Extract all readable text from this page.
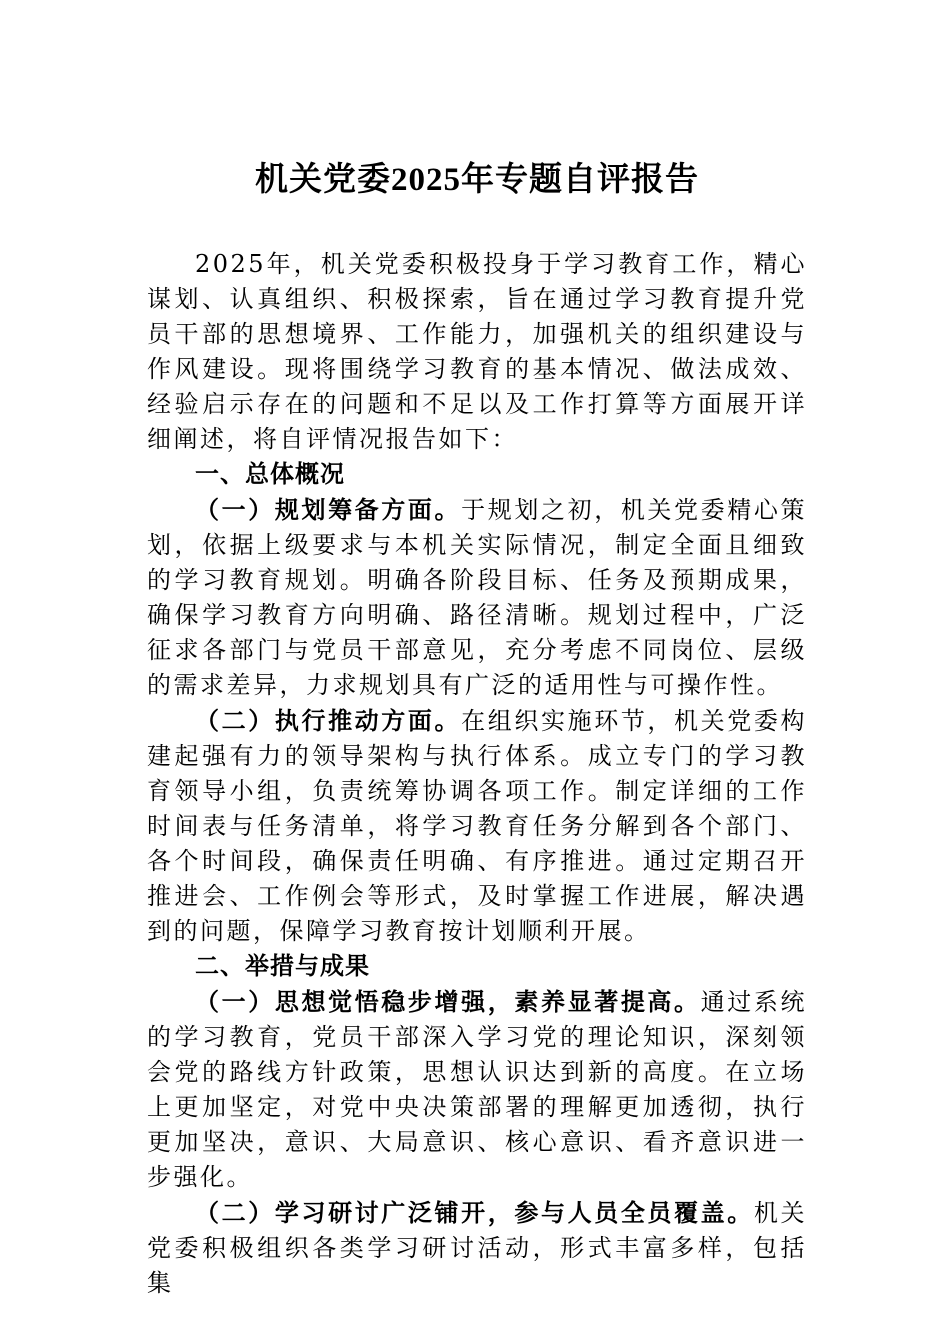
机关党委2025年专题自评报告

2025年，机关党委积极投身于学习教育工作，精心谋划、认真组织、积极探索，旨在通过学习教育提升党员干部的思想境界、工作能力，加强机关的组织建设与作风建设。现将围绕学习教育的基本情况、做法成效、经验启示存在的问题和不足以及工作打算等方面展开详细阐述，将自评情况报告如下：

一、总体概况

（一）规划筹备方面。于规划之初，机关党委精心策划，依据上级要求与本机关实际情况，制定全面且细致的学习教育规划。明确各阶段目标、任务及预期成果，确保学习教育方向明确、路径清晰。规划过程中，广泛征求各部门与党员干部意见，充分考虑不同岗位、层级的需求差异，力求规划具有广泛的适用性与可操作性。

（二）执行推动方面。在组织实施环节，机关党委构建起强有力的领导架构与执行体系。成立专门的学习教育领导小组，负责统筹协调各项工作。制定详细的工作时间表与任务清单，将学习教育任务分解到各个部门、各个时间段，确保责任明确、有序推进。通过定期召开推进会、工作例会等形式，及时掌握工作进展，解决遇到的问题，保障学习教育按计划顺利开展。

二、举措与成果

（一）思想觉悟稳步增强，素养显著提高。通过系统的学习教育，党员干部深入学习党的理论知识，深刻领会党的路线方针政策，思想认识达到新的高度。在立场上更加坚定，对党中央决策部署的理解更加透彻，执行更加坚决，意识、大局意识、核心意识、看齐意识进一步强化。

（二）学习研讨广泛铺开，参与人员全员覆盖。机关党委积极组织各类学习研讨活动，形式丰富多样，包括集
